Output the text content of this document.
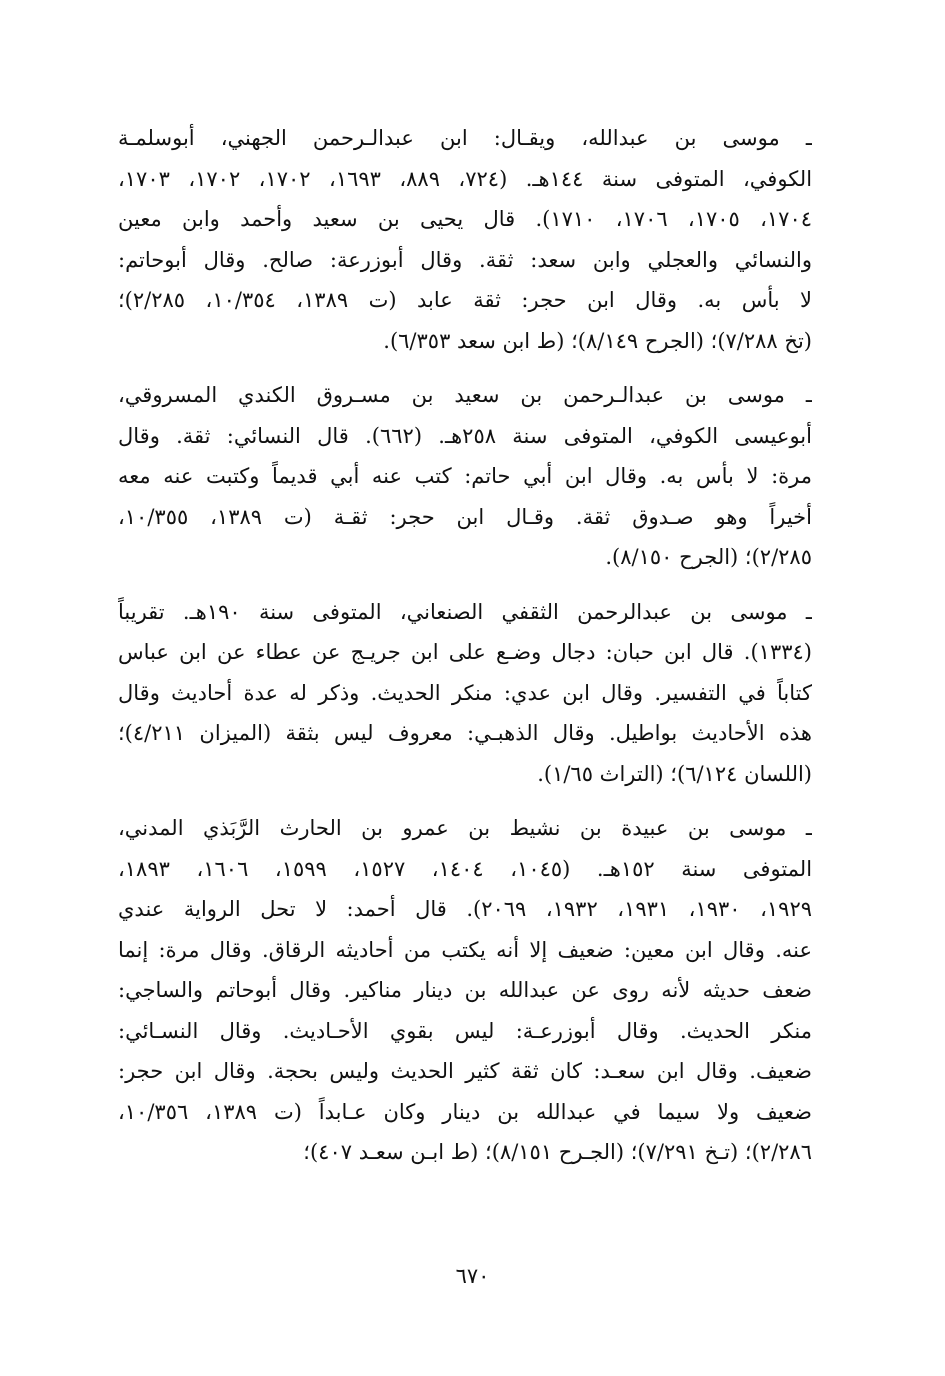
ـ موسى بن عبدالله، ويقـال: ابن عبدالـرحمن الجهني، أبوسلمـة
الكوفي، المتوفى سنة ١٤٤هـ. (٧٢٤، ٨٨٩، ١٦٩٣، ١٧٠٢، ١٧٠٢، ١٧٠٣،
١٧٠٤، ١٧٠٥، ١٧٠٦، ١٧١٠). قال يحيى بن سعيد وأحمد وابن معين
والنسائي والعجلي وابن سعد: ثقة. وقال أبوزرعة: صالح. وقال أبوحاتم:
لا بأس به. وقال ابن حجر: ثقة عابد (ت ١٣٨٩، ١٠/٣٥٤، ٢/٢٨٥)؛
(تخ ٧/٢٨٨)؛ (الجرح ٨/١٤٩)؛ (ط ابن سعد ٦/٣٥٣).
ـ موسى بن عبدالـرحمن بن سعيد بن مسـروق الكندي المسروقي،
أبوعيسى الكوفي، المتوفى سنة ٢٥٨هـ. (٦٦٢). قال النسائي: ثقة. وقال
مرة: لا بأس به. وقال ابن أبي حاتم: كتب عنه أبي قديماً وكتبت عنه معه
أخيراً وهو صـدوق ثقة. وقـال ابن حجر: ثقـة (ت ١٣٨٩، ١٠/٣٥٥،
٢/٢٨٥)؛ (الجرح ٨/١٥٠).
ـ موسى بن عبدالرحمن الثقفي الصنعاني، المتوفى سنة ١٩٠هـ. تقريباً
(١٣٣٤). قال ابن حبان: دجال وضـع على ابن جريـج عن عطاء عن ابن عباس
كتاباً في التفسير. وقال ابن عدي: منكر الحديث. وذكر له عدة أحاديث وقال
هذه الأحاديث بواطيل. وقال الذهبـي: معروف ليس بثقة (الميزان ٤/٢١١)؛
(اللسان ٦/١٢٤)؛ (التراث ١/٦٥).
ـ موسى بن عبيدة بن نشيط بن عمرو بن الحارث الرَّبَذي المدني،
المتوفى سنة ١٥٢هـ. (١٠٤٥، ١٤٠٤، ١٥٢٧، ١٥٩٩، ١٦٠٦، ١٨٩٣،
١٩٢٩، ١٩٣٠، ١٩٣١، ١٩٣٢، ٢٠٦٩). قال أحمد: لا تحل الرواية عندي
عنه. وقال ابن معين: ضعيف إلا أنه يكتب من أحاديثه الرقاق. وقال مرة: إنما
ضعف حديثه لأنه روى عن عبدالله بن دينار مناكير. وقال أبوحاتم والساجي:
منكر الحديث. وقال أبوزرعـة: ليس بقوي الأحـاديث. وقال النسـائي:
ضعيف. وقال ابن سعـد: كان ثقة كثير الحديث وليس بحجة. وقال ابن حجر:
ضعيف ولا سيما في عبدالله بن دينار وكان عـابداً (ت ١٣٨٩، ١٠/٣٥٦،
٢/٢٨٦)؛ (تـخ ٧/٢٩١)؛ (الجـرح ٨/١٥١)؛ (ط ابـن سعـد ٤٠٧)؛
٦٧٠
